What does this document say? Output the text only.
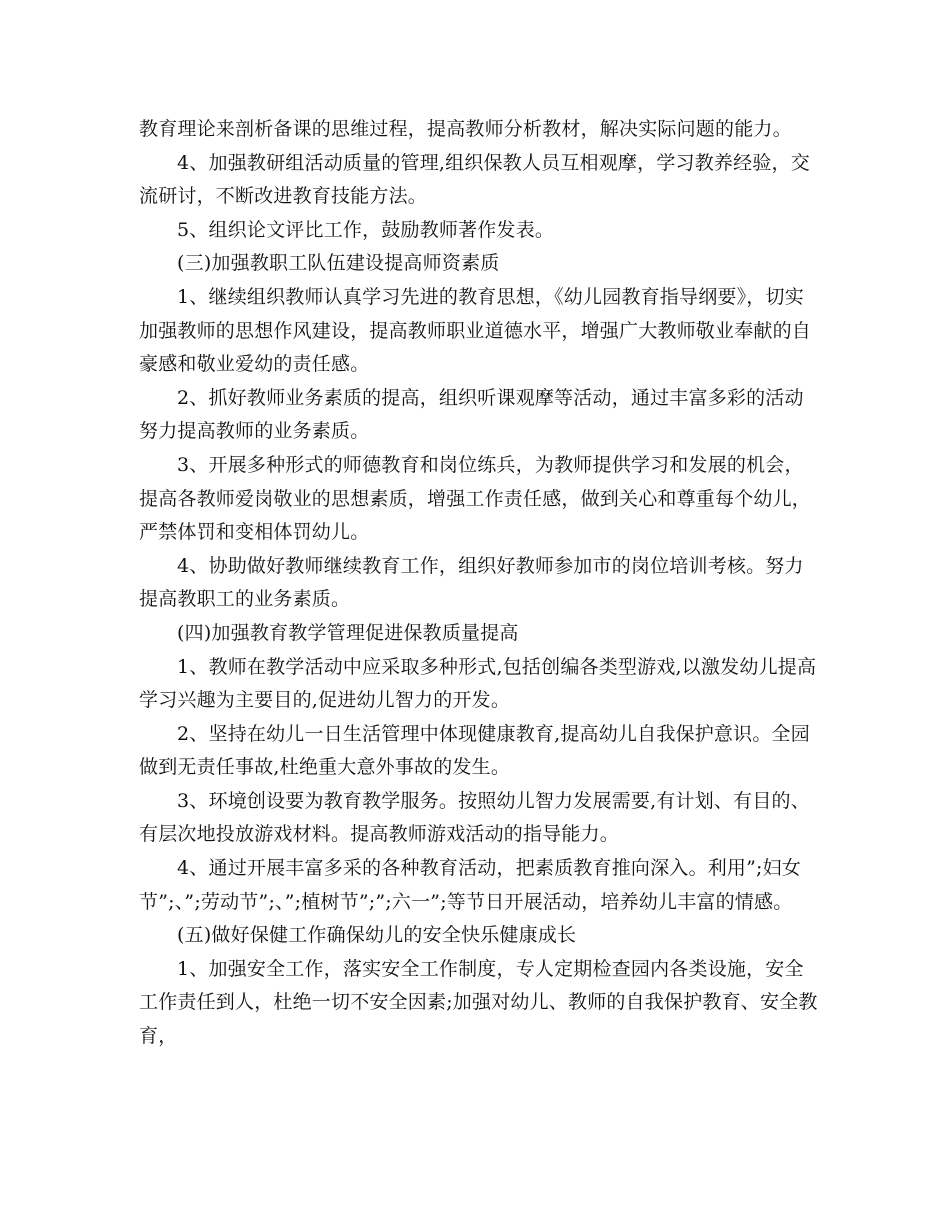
教育理论来剖析备课的思维过程，提高教师分析教材，解决实际问题的能力。

4、加强教研组活动质量的管理,组织保教人员互相观摩，学习教养经验，交流研讨，不断改进教育技能方法。

5、组织论文评比工作，鼓励教师著作发表。

(三)加强教职工队伍建设提高师资素质

1、继续组织教师认真学习先进的教育思想，《幼儿园教育指导纲要》，切实加强教师的思想作风建设，提高教师职业道德水平，增强广大教师敬业奉献的自豪感和敬业爱幼的责任感。

2、抓好教师业务素质的提高，组织听课观摩等活动，通过丰富多彩的活动努力提高教师的业务素质。

3、开展多种形式的师德教育和岗位练兵，为教师提供学习和发展的机会，提高各教师爱岗敬业的思想素质，增强工作责任感，做到关心和尊重每个幼儿，严禁体罚和变相体罚幼儿。

4、协助做好教师继续教育工作，组织好教师参加市的岗位培训考核。努力提高教职工的业务素质。

(四)加强教育教学管理促进保教质量提高

1、教师在教学活动中应采取多种形式,包括创编各类型游戏,以激发幼儿提高学习兴趣为主要目的,促进幼儿智力的开发。

2、坚持在幼儿一日生活管理中体现健康教育,提高幼儿自我保护意识。全园做到无责任事故,杜绝重大意外事故的发生。

3、环境创设要为教育教学服务。按照幼儿智力发展需要,有计划、有目的、有层次地投放游戏材料。提高教师游戏活动的指导能力。

4、通过开展丰富多采的各种教育活动，把素质教育推向深入。利用”;妇女节”;、”;劳动节”;、”;植树节”;”;六一”;等节日开展活动，培养幼儿丰富的情感。

(五)做好保健工作确保幼儿的安全快乐健康成长

1、加强安全工作，落实安全工作制度，专人定期检查园内各类设施，安全工作责任到人，杜绝一切不安全因素;加强对幼儿、教师的自我保护教育、安全教育，
